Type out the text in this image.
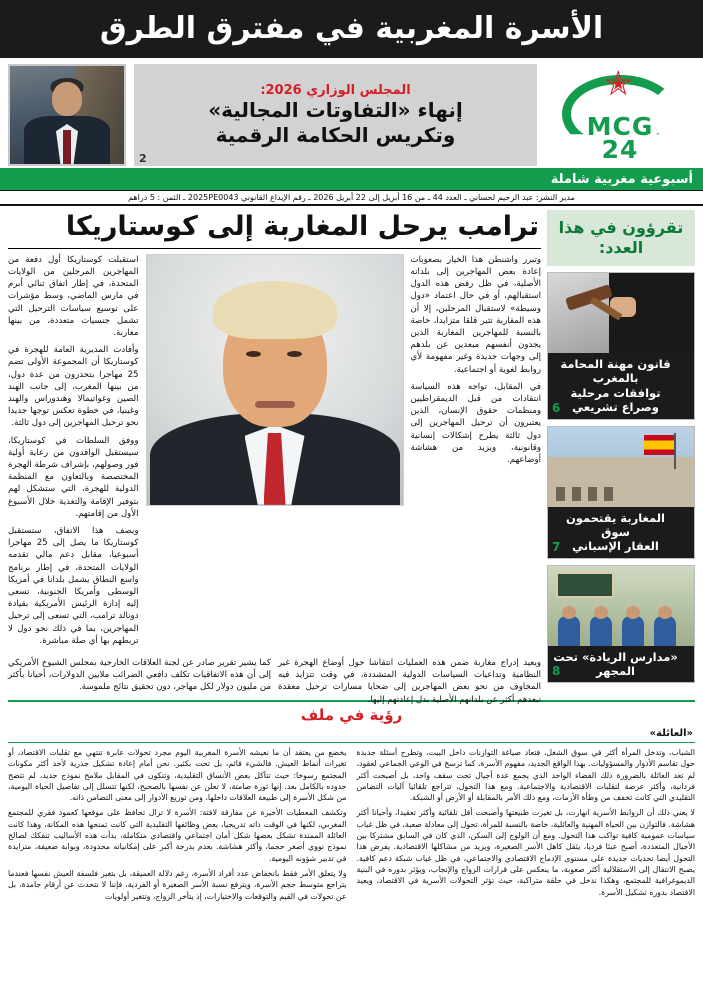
الأسرة المغربية في مفترق الطرق
✭
MCG
24
المجلس الوزاري 2026:
إنهاء «التفاوتات المجالية»
وتكريس الحكامة الرقمية
2
أسبوعية مغربية شاملة
مدير النشر: عبد الرحيم لحساني ـ العدد 44 ـ من 16 أبريل إلى 22 أبريل 2026 ـ رقم الإيداع القانوني 2025PE0043 ـ الثمن : 5 دراهم
تقرؤون في هذا
العدد:
قانون مهنة المحامة بالمغرب
توافقات مرحلية وصراع تشريعي
6
المغاربة يقتحمون سوق
العقار الإسباني
7
«مدارس الريادة» تحت
المجهر
8
ترامب يرحل المغاربة إلى كوستاريكا

وتبرر واشنطن هذا الخيار بصعوبات إعادة بعض المهاجرين إلى بلدانه الأصلية، في ظل رفض هذه الدول استقبالهم، أو في حال اعتماد «دول وسيطة» لاستقبال المرحلين، إلا أن هذه المقاربة تثير قلقا متزايدا، خاصة بالنسبة للمهاجرين المغاربة الذين يجدون أنفسهم مبعدين عن بلدهم إلى وجهات جديدة وغير مفهومة لأي روابط لغوية أو اجتماعية.

في المقابل، تواجه هذه السياسة انتقادات من قبل الديمقراطيين ومنظمات حقوق الإنسان، الذين يعتبرون أن ترحيل المهاجرين إلى دول ثالثة يطرح إشكالات إنسانية وقانونية، ويزيد من هشاشة أوضاعهم.

استقبلت كوستاريكا أول دفعة من المهاجرين المرحلين من الولايات المتحدة، في إطار اتفاق ثنائي أبرم في مارس الماضي، وسط مؤشرات على توسيع سياسات الترحيل التي تشمل جنسيات متعددة، من بينها مغاربة.

وأفادت المديرية العامة للهجرة في كوستاريكا أن المجموعة الأولى تضم 25 مهاجرا بتحدرون من عدة دول، من بينها المغرب، إلى جانب الهند الصين وغواتيمالا وهندوراس والهند وغينيا، في خطوة تعكس توجها جديدا نحو ترحيل المهاجرين إلى دول ثالثة.

ووفق السلطات في كوستاريكا، سيستقبل الوافدون من رعاية أولية فور وصولهم، بإشراف شرطة الهجرة المختصصة وبالتعاون مع المنظمة الدولية للهجرة، التي ستشكل لهم بتوفير الإقامة والتغذية خلال الأسبوع الأول من إقامتهم.

ويصف هذا الاتفاق، ستستقبل كوستاريكا ما يصل إلى 25 مهاجرا أسبوعيا، مقابل دعم مالي تقدمه الولايات المتحدة، في إطار برنامج واسع النطاق يشمل بلدانا في أمريكا الوسطى وأمريكا الجنوبية، تسعى إليه إدارة الرئيس الأمريكية بقيادة دونالد ترامب، التي تسعى إلى ترحيل المهاجرين، بما في ذلك نحو دول لا تربطهم بها أي صلة مباشرة.

ويعيد إدراج مغاربة ضمن هذه العمليات انتقاشا حول أوضاع الهجرة غير النظامية وتداعيات السياسات الدولية المتشددة، في وقت تتزايد فيه المخاوف من نحو بعض المهاجرين إلى ضحايا مسارات ترحيل معقدة تبعدهم أكثر عن بلدانهم الأصلية بدل إعادتهم إليها.

كما يشير تقرير صادر عن لجنة العلاقات الخارجية بمجلس الشيوخ الأمريكي إلى أن هذه الاتفاقيات تكلف دافعي الضرائب ملايين الدولارات، أحيانا بأكثر من مليون دولار لكل مهاجر، دون تحقيق نتائج ملموسة.

رؤية في ملف
«العائلة»

الشباب، وتدخل المرأة أكثر في سوق الشغل، فتعاد صياغة التوازنات داخل البيت، وتطرح أسئلة جديدة حول تقاسم الأدوار والمسؤوليات. بهذا الواقع الجديد، مفهوم الأسرة، كما ترسخ في الوعي الجماعي لعقود، لم تعد العائلة بالضرورة ذلك الفضاء الواحد الذي يجمع عدة أجيال تحت سقف واحد، بل أصبحت أكثر فردانية، وأكثر عرضة لتقلبات الاقتصادية والاجتماعية. ومع هذا التحول، تتراجع تلقائيا آليات التضامن التقليدي التي كانت تخفف من وطأة الأزمات، ومع ذلك الأمر بالمقابلة أو الأرض أو الشبكة.

لا يعني ذلك أن الروابط الأسرية انهارت، بل تغيرت طبيعتها وأصبحت أقل تلقائية وأكثر تعقيدا، وأحيانا أكثر هشاشة. فالتوازن بين الحياة المهنية والعائلية، خاصة بالنسبة للمرأة، تحول إلى معادلة صعبة، في ظل غياب سياسات عمومية كافية تواكب هذا التحول. ومع أن الولوج إلى السكن، الذي كان في السابق مشتركا بين الأجيال المتعددة، أصبح عبئا فرديا، يثقل كاهل الأسر الصغيرة، ويزيد من مشاكلها الاقتصادية. يفرض هذا التحول أيضا تحديات جديدة على مستوى الإدماج الاقتصادي والاجتماعي، في ظل غياب شبكة دعم كافية. يصبح الانتقال إلى الاستقلالية أكثر صعوبة، ما ينعكس على قرارات الزواج والإنجاب، ويؤثر بدوره في البنية الديموغرافية للمجتمع، وهكذا ندخل في حلقة متراكبة، حيث تؤثر التحولات الأسرية في الاقتصاد، ويعيد الاقتصاد بدوره تشكيل الأسرة.

يخضع من يعتقد أن ما نعيشه الأسرة المغربية اليوم مجرد تحولات عابرة تنتهي مع تقلبات الاقتصاد، أو تغيرات أنماط العيش. فالشيء قائم، بل تحت بكثير. نحن أمام إعادة تشكيل جذرية لأحد أكثر مكونات المجتمع رسوخا: حيث تتآكل بعض الأنساق التقليدية، وتتكون في المقابل ملامح نموذج جديد، لم تتضح حدوده بالكامل بعد. إنها ثورة صامتة، لا تعلن عن نفسها بالصحيح، لكنها تتسلل إلى تفاصيل الحياة اليومية، من شكل الأسرة إلى طبيعة العلاقات داخلها، ومن توزيع الأدوار إلى معنى التضامن ذاته.

وتكشف المعطيات الأخيرة عن مفارقة لافتة: الأسرة لا تزال تحافظ على موقعها كعمود فقري للمجتمع المغربي، لكنها في الوقت ذاته تدريجيا، بعض وظائفها التقليدية التي كانت تمنحها هذه المكانة، وهذا كانت العائلة الممتدة تشكل بعضها شكل أمان اجتماعي واقتصادي متكاملة، بدأت هذه الأساليب تتفكك لصالح نموذج نووي أصغر حجما، وأكثر هشاشة. بعدم بدرجة أكبر على إمكانياته محدودة، وبوابة ضعيفة، متزايدة في تدبير شؤونه اليومية.

ولا يتعلق الأمر فقط بانخفاض عدد أفراد الأسرة، رغم دلالة العميقة، بل بتغير فلسفة العيش نفسها فعندما يتراجع متوسط حجم الأسرة، ويترفع نسبة الأسر الصغيرة أو الفردية، فإننا لا نتحدث عن أرقام جامدة، بل عن تحولات في القيم والتوقعات والاختيارات، إذ يتأخر الزواج، وتتغير أولويات
